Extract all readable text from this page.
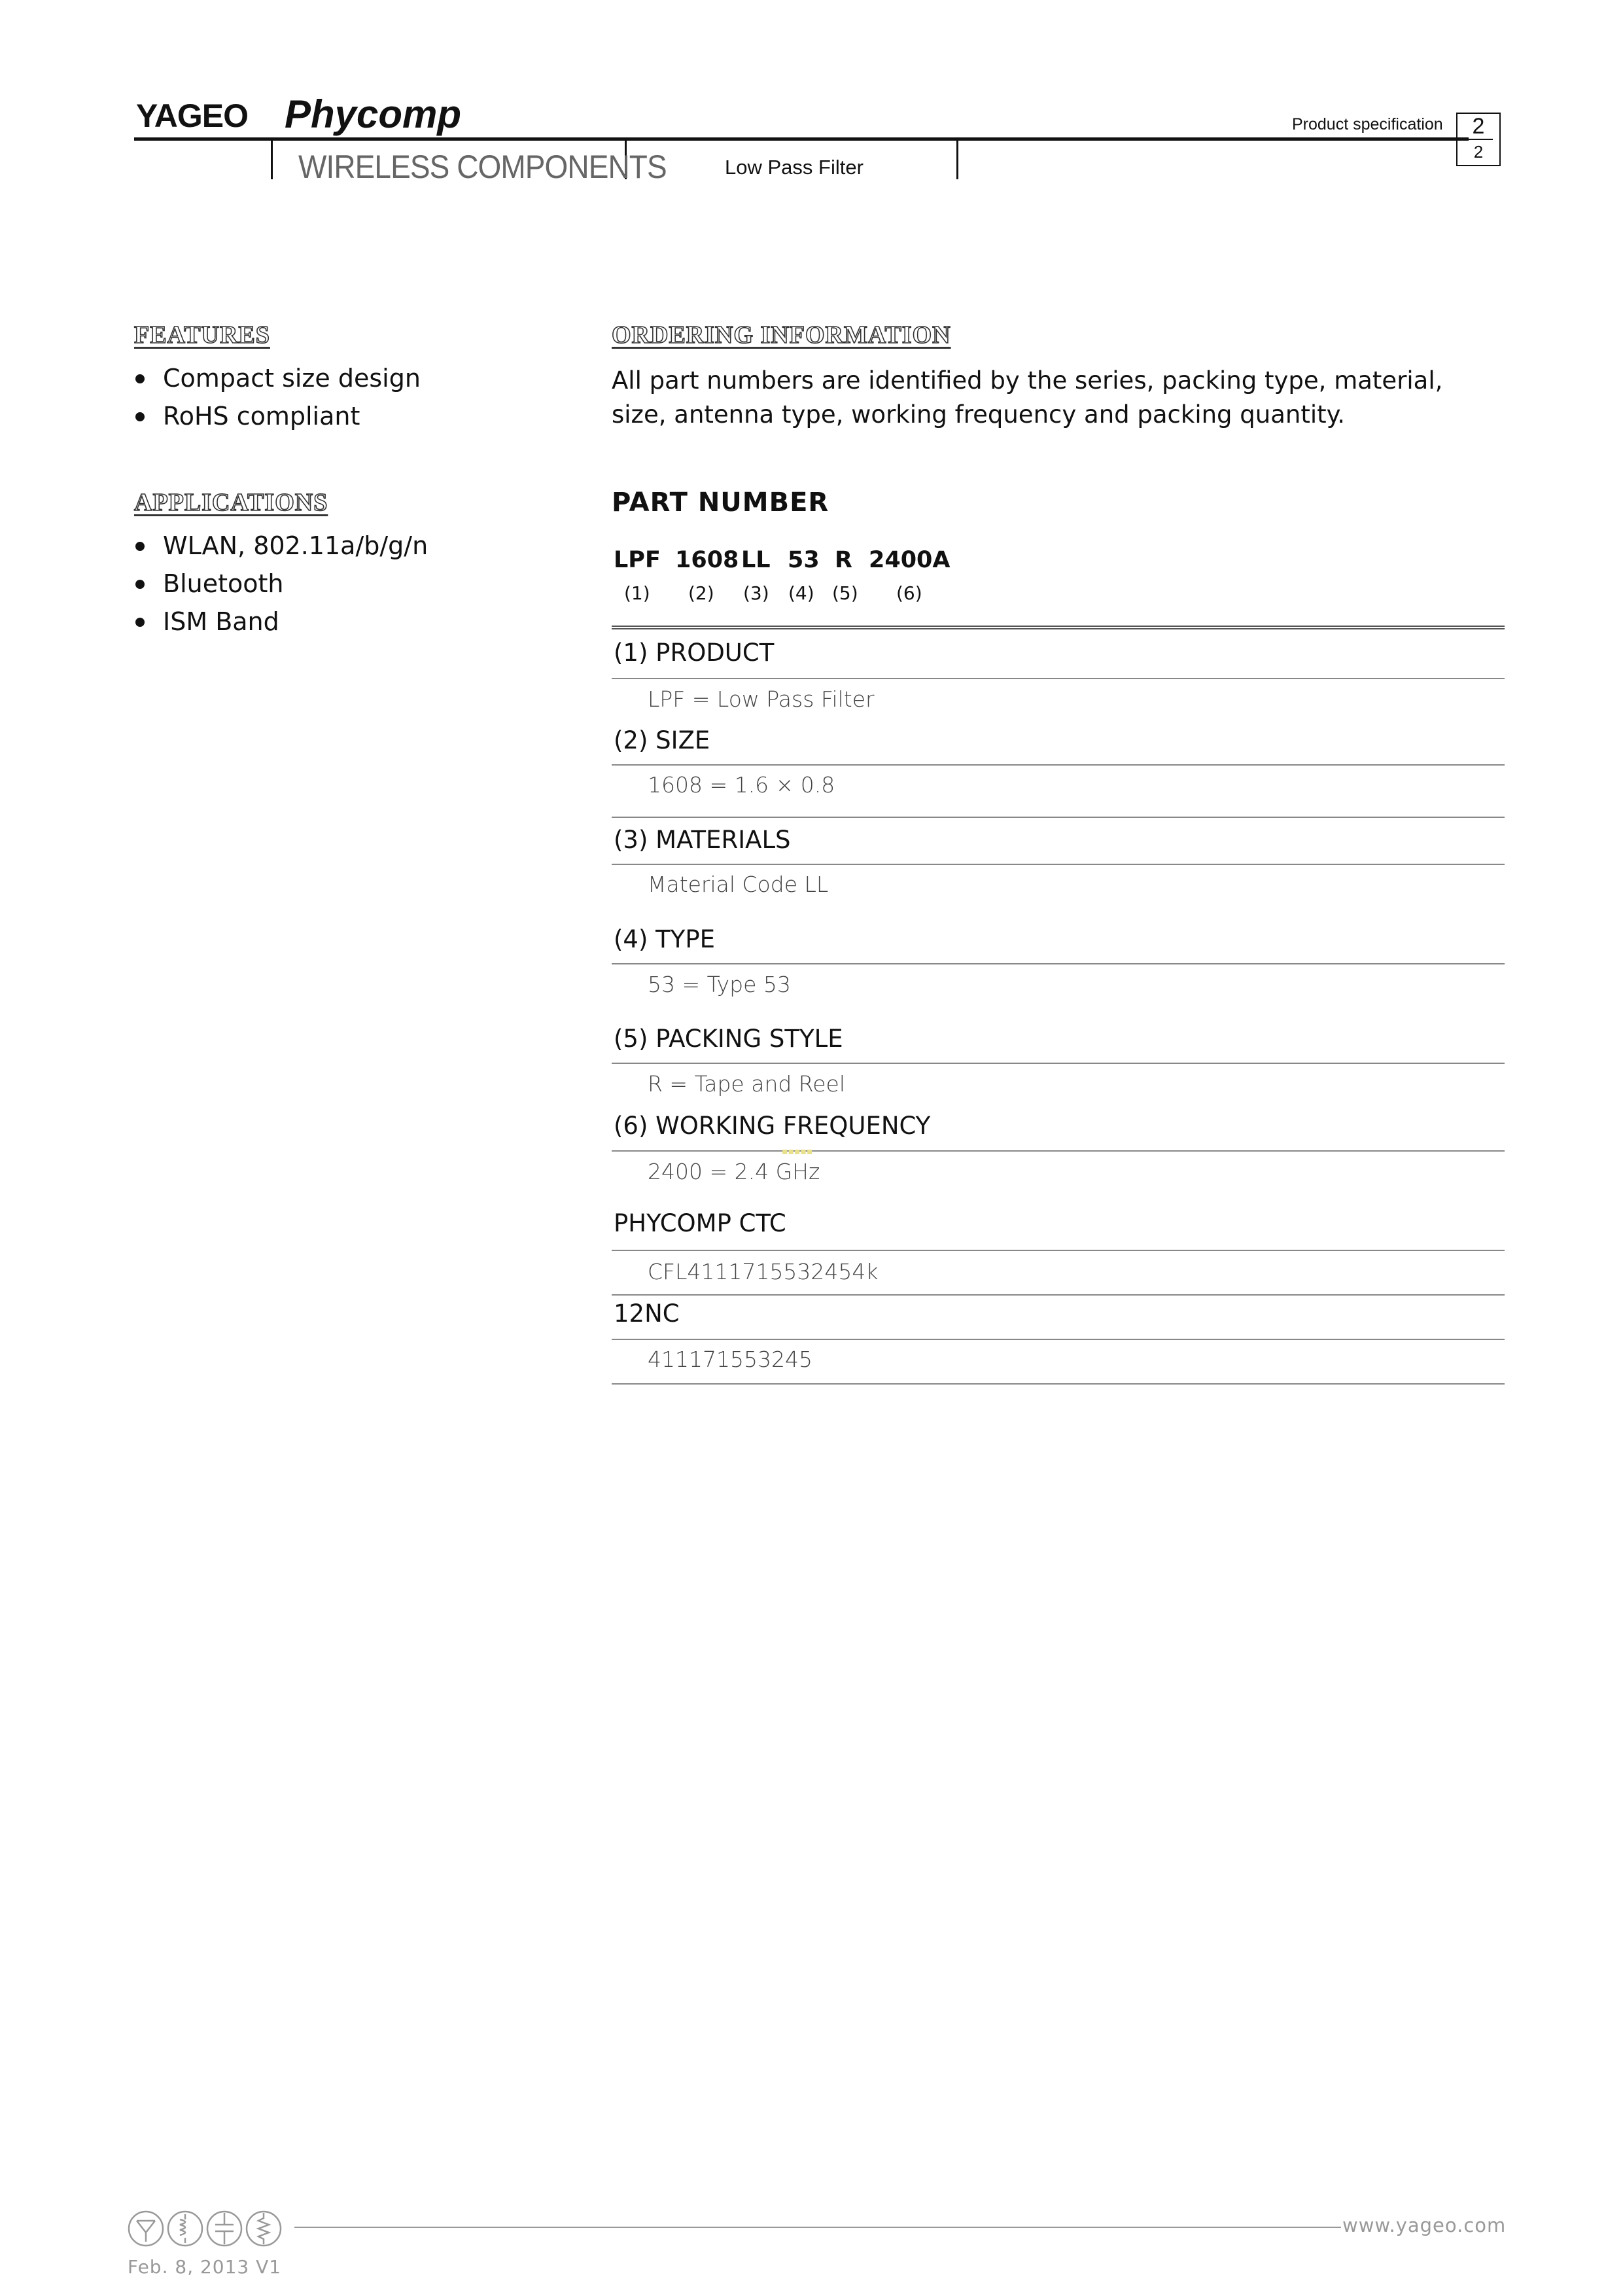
YAGEO Phycomp
WIRELESS COMPONENTS	Low Pass Filter
Product specification	2
2
FEATURES
Compact size design
RoHS compliant
APPLICATIONS
WLAN, 802.11a/b/g/n
Bluetooth
ISM Band
ORDERING INFORMATION
All part numbers are identified by the series, packing type, material, size, antenna type, working frequency and packing quantity.
PART NUMBER
LPF 1608 LL 53 R 2400A
(1) (2) (3) (4) (5) (6)
(1) PRODUCT
LPF = Low Pass Filter
(2) SIZE
1608 = 1.6 × 0.8
(3) MATERIALS
Material Code LL
(4) TYPE
53 = Type 53
(5) PACKING STYLE
R = Tape and Reel
(6) WORKING FREQUENCY
2400 = 2.4 GHz
▪▪▪▪▪
PHYCOMP CTC
CFL4111715532454k
12NC
411171553245
www.yageo.com
Feb. 8, 2013 V1
